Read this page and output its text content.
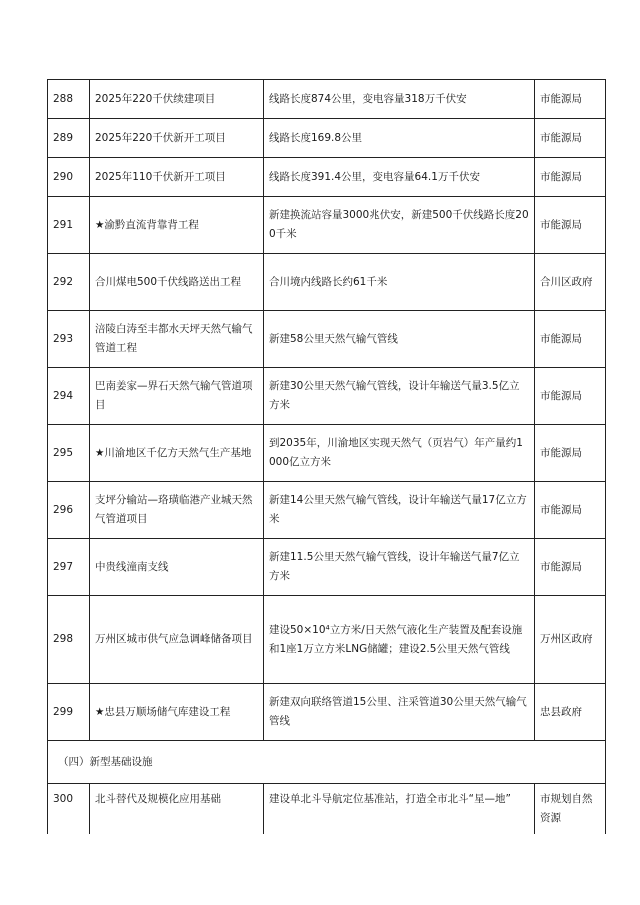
288	2025年220千伏续建项目	线路长度874公里，变电容量318万千伏安	市能源局
289	2025年220千伏新开工项目	线路长度169.8公里	市能源局
290	2025年110千伏新开工项目	线路长度391.4公里，变电容量64.1万千伏安	市能源局
291	★渝黔直流背靠背工程	新建换流站容量3000兆伏安，新建500千伏线路长度200千米	市能源局
292	合川煤电500千伏线路送出工程	合川境内线路长约61千米	合川区政府
293	涪陵白涛至丰都水天坪天然气输气管道工程	新建58公里天然气输气管线	市能源局
294	巴南姜家—界石天然气输气管道项目	新建30公里天然气输气管线，设计年输送气量3.5亿立方米	市能源局
295	★川渝地区千亿方天然气生产基地	到2035年，川渝地区实现天然气（页岩气）年产量约1000亿立方米	市能源局
296	支坪分输站—珞璜临港产业城天然气管道项目	新建14公里天然气输气管线，设计年输送气量17亿立方米	市能源局
297	中贵线潼南支线	新建11.5公里天然气输气管线，设计年输送气量7亿立方米	市能源局
298	万州区城市供气应急调峰储备项目	建设50×10⁴立方米/日天然气液化生产装置及配套设施和1座1万立方米LNG储罐；建设2.5公里天然气管线	万州区政府
299	★忠县万顺场储气库建设工程	新建双向联络管道15公里、注采管道30公里天然气输气管线	忠县政府
（四）新型基础设施			
300	北斗替代及规模化应用基础	建设单北斗导航定位基准站，打造全市北斗“星—地”	市规划自然资源
